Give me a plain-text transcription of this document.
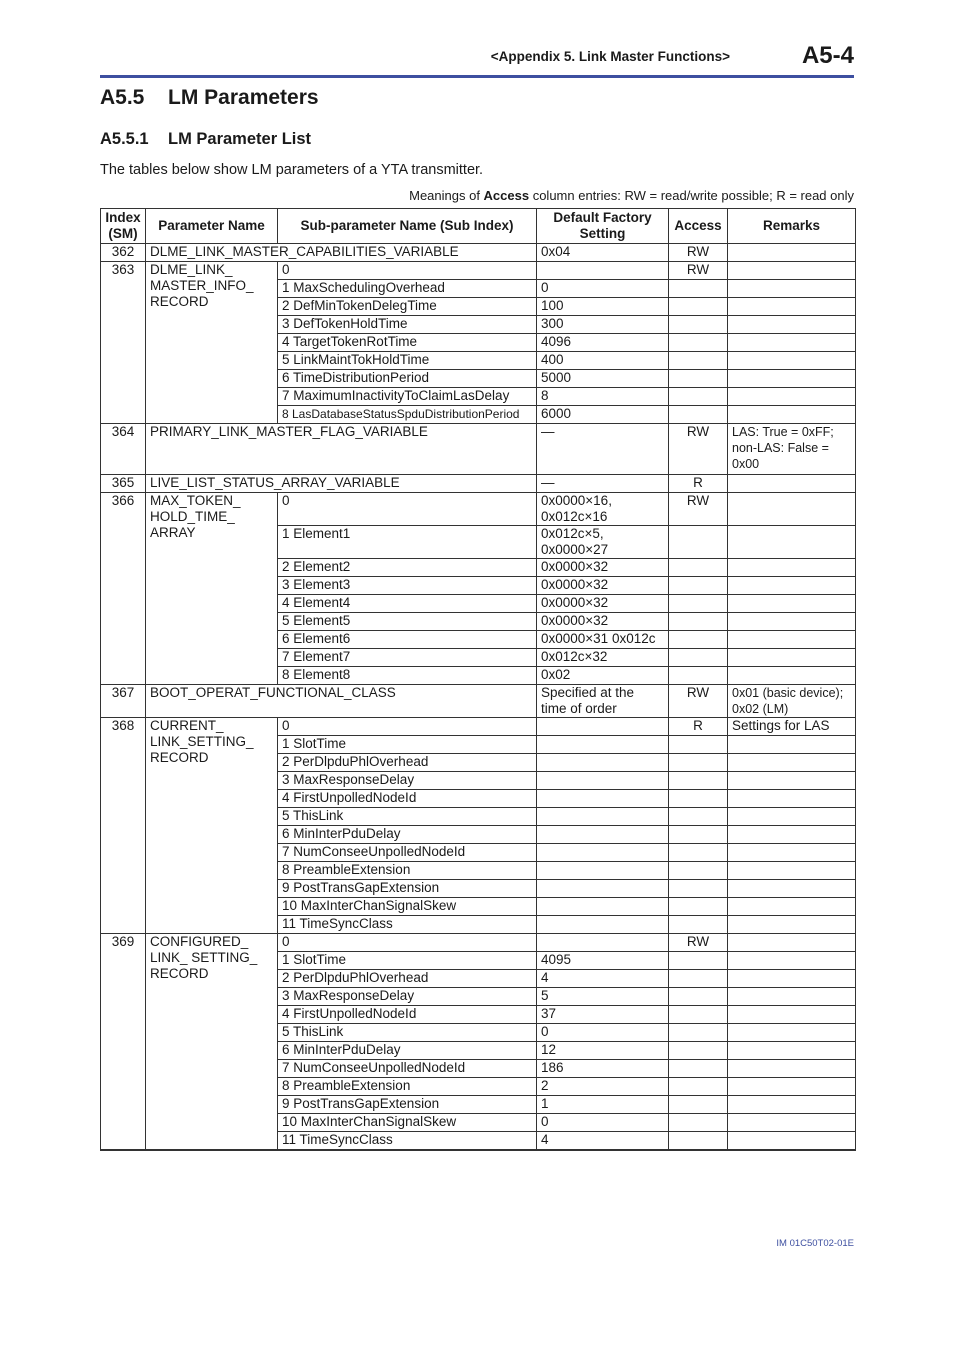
<Appendix 5. Link Master Functions>	A5-4
A5.5 LM Parameters
A5.5.1 LM Parameter List
The tables below show LM parameters of a YTA transmitter.
Meanings of Access column entries: RW = read/write possible; R = read only
Index
(SM)	Parameter Name	Sub-parameter Name (Sub Index)	Default Factory
Setting	Access	Remarks
362	DLME_LINK_MASTER_CAPABILITIES_VARIABLE		0x04	RW	
363	DLME_LINK_
MASTER_INFO_
RECORD	0		RW	
		1 MaxSchedulingOverhead	0		
		2 DefMinTokenDelegTime	100		
		3 DefTokenHoldTime	300		
		4 TargetTokenRotTime	4096		
		5 LinkMaintTokHoldTime	400		
		6 TimeDistributionPeriod	5000		
		7 MaximumInactivityToClaimLasDelay	8		
		8 LasDatabaseStatusSpduDistributionPeriod	6000		
364	PRIMARY_LINK_MASTER_FLAG_VARIABLE		—	RW	LAS: True = 0xFF;
non-LAS: False =
0x00
365	LIVE_LIST_STATUS_ARRAY_VARIABLE		—	R	
366	MAX_TOKEN_
HOLD_TIME_
ARRAY	0	0x0000×16,
0x012c×16	RW	
		1 Element1	0x012c×5,
0x0000×27		
		2 Element2	0x0000×32		
		3 Element3	0x0000×32		
		4 Element4	0x0000×32		
		5 Element5	0x0000×32		
		6 Element6	0x0000×31 0x012c		
		7 Element7	0x012c×32		
		8 Element8	0x02		
367	BOOT_OPERAT_FUNCTIONAL_CLASS		Specified at the
time of order	RW	0x01 (basic device);
0x02 (LM)
368	CURRENT_
LINK_SETTING_
RECORD	0		R	Settings for LAS
		1 SlotTime			
		2 PerDlpduPhlOverhead			
		3 MaxResponseDelay			
		4 FirstUnpolledNodeId			
		5 ThisLink			
		6 MinInterPduDelay			
		7 NumConseeUnpolledNodeId			
		8 PreambleExtension			
		9 PostTransGapExtension			
		10 MaxInterChanSignalSkew			
		11 TimeSyncClass			
369	CONFIGURED_
LINK_ SETTING_
RECORD	0		RW	
		1 SlotTime	4095		
		2 PerDlpduPhlOverhead	4		
		3 MaxResponseDelay	5		
		4 FirstUnpolledNodeId	37		
		5 ThisLink	0		
		6 MinInterPduDelay	12		
		7 NumConseeUnpolledNodeId	186		
		8 PreambleExtension	2		
		9 PostTransGapExtension	1		
		10 MaxInterChanSignalSkew	0		
		11 TimeSyncClass	4		
IM 01C50T02-01E
